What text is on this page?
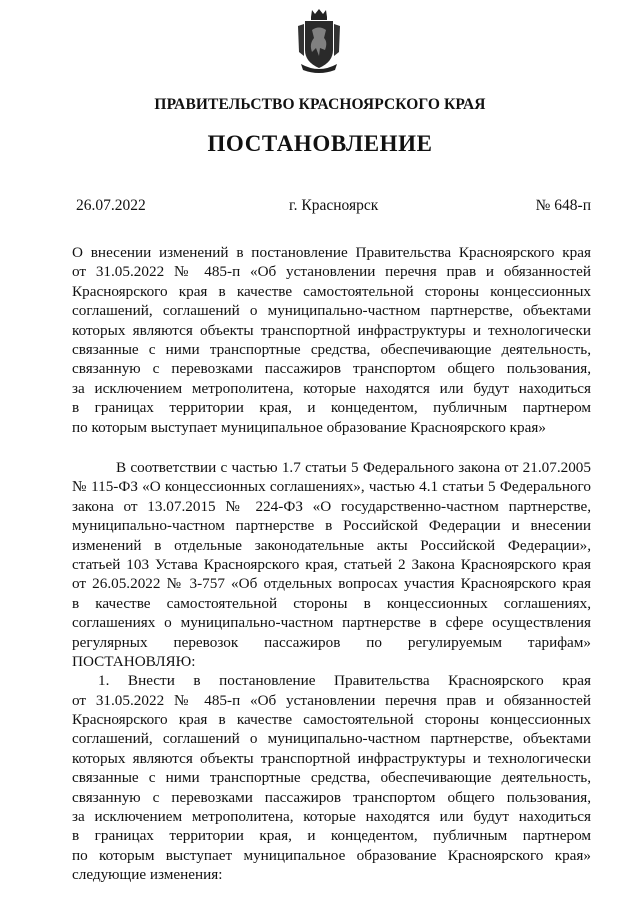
ПРАВИТЕЛЬСТВО КРАСНОЯРСКОГО КРАЯ
ПОСТАНОВЛЕНИЕ
26.07.2022	г. Красноярск	№ 648-п
О внесении изменений в постановление Правительства Красноярского края
от 31.05.2022 № 485-п «Об установлении перечня прав и обязанностей
Красноярского края в качестве самостоятельной стороны концессионных
соглашений, соглашений о муниципально-частном партнерстве, объектами
которых являются объекты транспортной инфраструктуры и технологически
связанные с ними транспортные средства, обеспечивающие деятельность,
связанную с перевозками пассажиров транспортом общего пользования,
за исключением метрополитена, которые находятся или будут находиться
в границах территории края, и концедентом, публичным партнером
по которым выступает муниципальное образование Красноярского края»
В соответствии с частью 1.7 статьи 5 Федерального закона от 21.07.2005
№ 115-ФЗ «О концессионных соглашениях», частью 4.1 статьи 5 Федерального
закона от 13.07.2015 № 224-ФЗ «О государственно-частном партнерстве,
муниципально-частном партнерстве в Российской Федерации и внесении
изменений в отдельные законодательные акты Российской Федерации»,
статьей 103 Устава Красноярского края, статьей 2 Закона Красноярского края
от 26.05.2022 № 3-757 «Об отдельных вопросах участия Красноярского края
в качестве самостоятельной стороны в концессионных соглашениях,
соглашениях о муниципально-частном партнерстве в сфере осуществления
регулярных перевозок пассажиров по регулируемым тарифам»
ПОСТАНОВЛЯЮ:
1. Внести в постановление Правительства Красноярского края
от 31.05.2022 № 485-п «Об установлении перечня прав и обязанностей
Красноярского края в качестве самостоятельной стороны концессионных
соглашений, соглашений о муниципально-частном партнерстве, объектами
которых являются объекты транспортной инфраструктуры и технологически
связанные с ними транспортные средства, обеспечивающие деятельность,
связанную с перевозками пассажиров транспортом общего пользования,
за исключением метрополитена, которые находятся или будут находиться
в границах территории края, и концедентом, публичным партнером
по которым выступает муниципальное образование Красноярского края»
следующие изменения:
